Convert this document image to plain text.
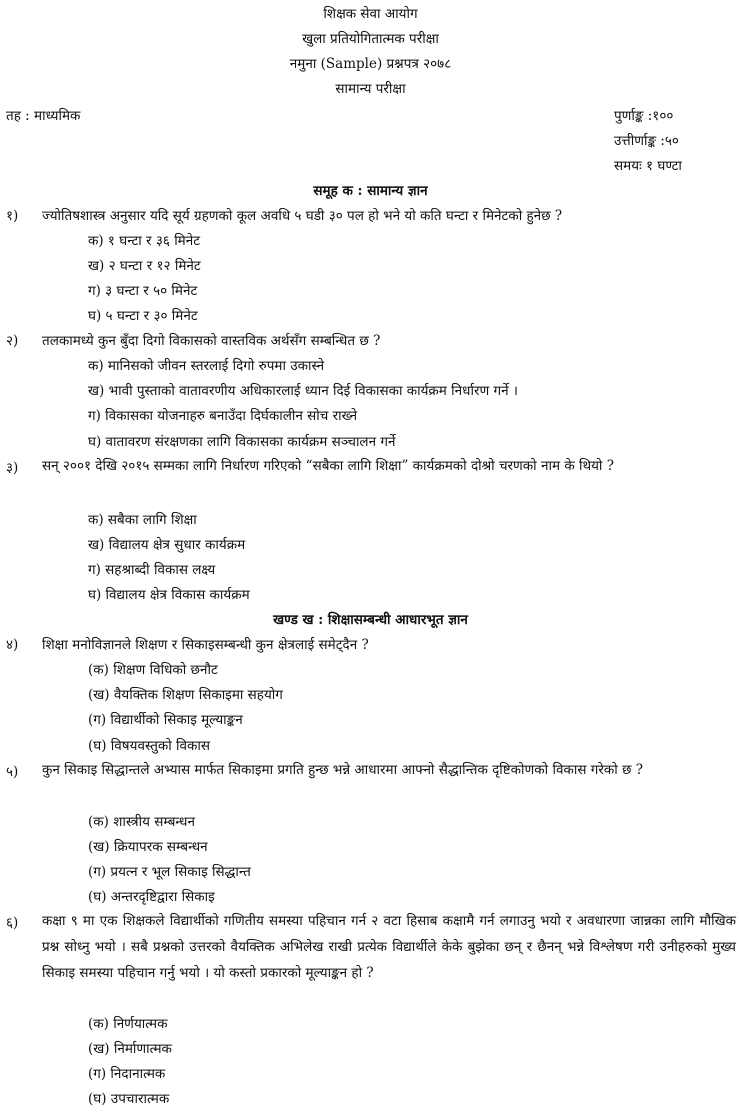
शिक्षक सेवा आयोग
खुला प्रतियोगितात्मक परीक्षा
नमुना (Sample) प्रश्नपत्र २०७८
सामान्य परीक्षा
तह : माध्यमिक	पुर्णाङ्क :१००
उत्तीर्णाङ्क :५०
समयः १ घण्टा
समूह क : सामान्य ज्ञान
१) ज्योतिषशास्त्र अनुसार यदि सूर्य ग्रहणको कूल अवधि ५ घडी ३० पल हो भने यो कति घन्टा र मिनेटको हुनेछ ?
क) १ घन्टा र ३६ मिनेट
ख) २ घन्टा र १२ मिनेट
ग) ३ घन्टा र ५० मिनेट
घ) ५ घन्टा र ३० मिनेट
२) तलकामध्ये कुन बुँदा दिगो विकासको वास्तविक अर्थसँग सम्बन्धित छ ?
क) मानिसको जीवन स्तरलाई दिगो रुपमा उकास्ने
ख) भावी पुस्ताको वातावरणीय अधिकारलाई ध्यान दिई विकासका कार्यक्रम निर्धारण गर्ने ।
ग) विकासका योजनाहरु बनाउँदा दिर्घकालीन सोच राख्ने
घ) वातावरण संरक्षणका लागि विकासका कार्यक्रम सञ्चालन गर्ने
३) सन् २००१ देखि २०१५ सम्मका लागि निर्धारण गरिएको “सबैका लागि शिक्षा” कार्यक्रमको दोश्रो चरणको नाम के थियो ?
क) सबैका लागि शिक्षा
ख) विद्यालय क्षेत्र सुधार कार्यक्रम
ग) सहश्राब्दी विकास लक्ष्य
घ) विद्यालय क्षेत्र विकास कार्यक्रम
खण्ड ख : शिक्षासम्बन्धी आधारभूत ज्ञान
४) शिक्षा मनोविज्ञानले शिक्षण र सिकाइसम्बन्धी कुन क्षेत्रलाई समेट्दैन ?
(क) शिक्षण विधिको छनौट
(ख) वैयक्तिक शिक्षण सिकाइमा सहयोग
(ग) विद्यार्थीको सिकाइ मूल्याङ्कन
(घ) विषयवस्तुको विकास
५) कुन सिकाइ सिद्धान्तले अभ्यास मार्फत सिकाइमा प्रगति हुन्छ भन्ने आधारमा आफ्नो सैद्धान्तिक दृष्टिकोणको विकास गरेको छ ?
(क) शास्त्रीय सम्बन्धन
(ख) क्रियापरक सम्बन्धन
(ग) प्रयत्न र भूल सिकाइ सिद्धान्त
(घ) अन्तरदृष्टिद्वारा सिकाइ
६) कक्षा ९ मा एक शिक्षकले विद्यार्थीको गणितीय समस्या पहिचान गर्न २ वटा हिसाब कक्षामै गर्न लगाउनु भयो र अवधारणा जान्नका लागि मौखिक प्रश्न सोध्नु भयो । सबै प्रश्नको उत्तरको वैयक्तिक अभिलेख राखी प्रत्येक विद्यार्थीले केके बुझेका छन् र छैनन् भन्ने विश्लेषण गरी उनीहरुको मुख्य सिकाइ समस्या पहिचान गर्नु भयो । यो कस्तो प्रकारको मूल्याङ्कन हो ?
(क) निर्णयात्मक
(ख) निर्माणात्मक
(ग) निदानात्मक
(घ) उपचारात्मक
